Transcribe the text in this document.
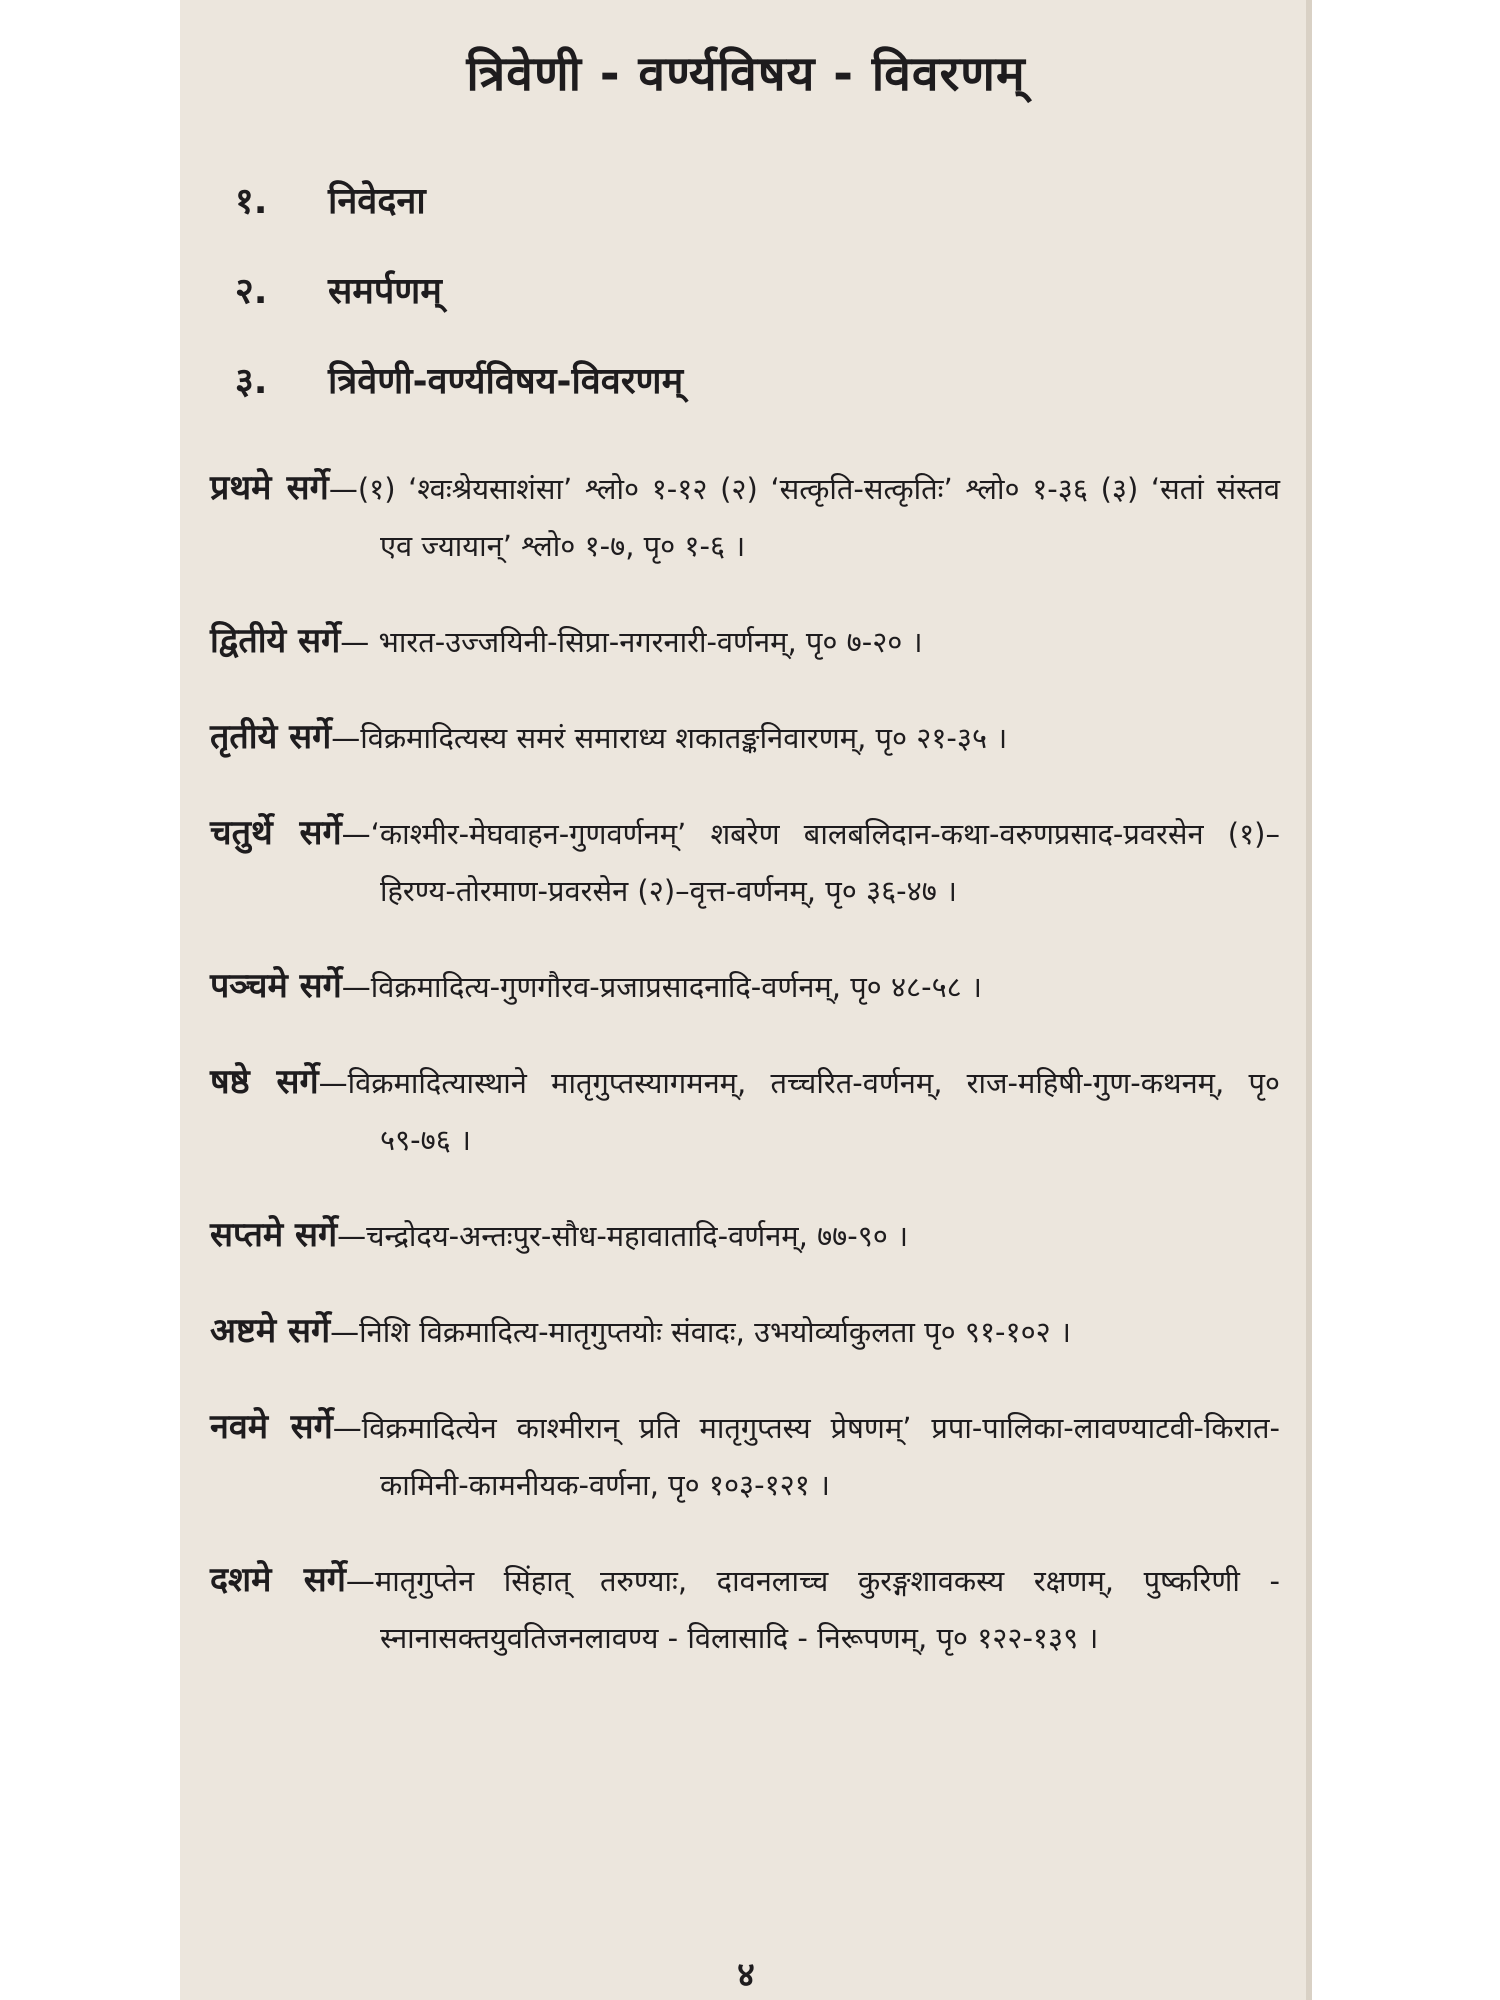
त्रिवेणी - वर्ण्यविषय - विवरणम्
१. निवेदना
२. समर्पणम्
३. त्रिवेणी-वर्ण्यविषय-विवरणम्

प्रथमे सर्गे—(१) ‘श्वःश्रेयसाशंसा’ श्लो० १-१२ (२) ‘सत्कृति-सत्कृतिः’ श्लो० १-३६ (३) ‘सतां संस्तव एव ज्यायान्’ श्लो० १-७, पृ० १-६ ।

द्वितीये सर्गे— भारत-उज्जयिनी-सिप्रा-नगरनारी-वर्णनम्, पृ० ७-२० ।

तृतीये सर्गे—विक्रमादित्यस्य समरं समाराध्य शकातङ्कनिवारणम्, पृ० २१-३५ ।

चतुर्थे सर्गे—‘काश्मीर-मेघवाहन-गुणवर्णनम्’ शबरेण बालबलिदान-कथा-वरुणप्रसाद-प्रवरसेन (१)–हिरण्य-तोरमाण-प्रवरसेन (२)–वृत्त-वर्णनम्, पृ० ३६-४७ ।

पञ्चमे सर्गे—विक्रमादित्य-गुणगौरव-प्रजाप्रसादनादि-वर्णनम्, पृ० ४८-५८ ।

षष्ठे सर्गे—विक्रमादित्यास्थाने मातृगुप्तस्यागमनम्, तच्चरित-वर्णनम्, राज-महिषी-गुण-कथनम्, पृ० ५९-७६ ।

सप्तमे सर्गे—चन्द्रोदय-अन्तःपुर-सौध-महावातादि-वर्णनम्, ७७-९० ।

अष्टमे सर्गे—निशि विक्रमादित्य-मातृगुप्तयोः संवादः, उभयोर्व्याकुलता पृ० ९१-१०२ ।

नवमे सर्गे—विक्रमादित्येन काश्मीरान् प्रति मातृगुप्तस्य प्रेषणम्’ प्रपा-पालिका-लावण्याटवी-किरात-कामिनी-कामनीयक-वर्णना, पृ० १०३-१२१ ।

दशमे सर्गे—मातृगुप्तेन सिंहात् तरुण्याः, दावनलाच्च कुरङ्गशावकस्य रक्षणम्, पुष्करिणी - स्नानासक्तयुवतिजनलावण्य - विलासादि - निरूपणम्, पृ० १२२-१३९ ।

४
